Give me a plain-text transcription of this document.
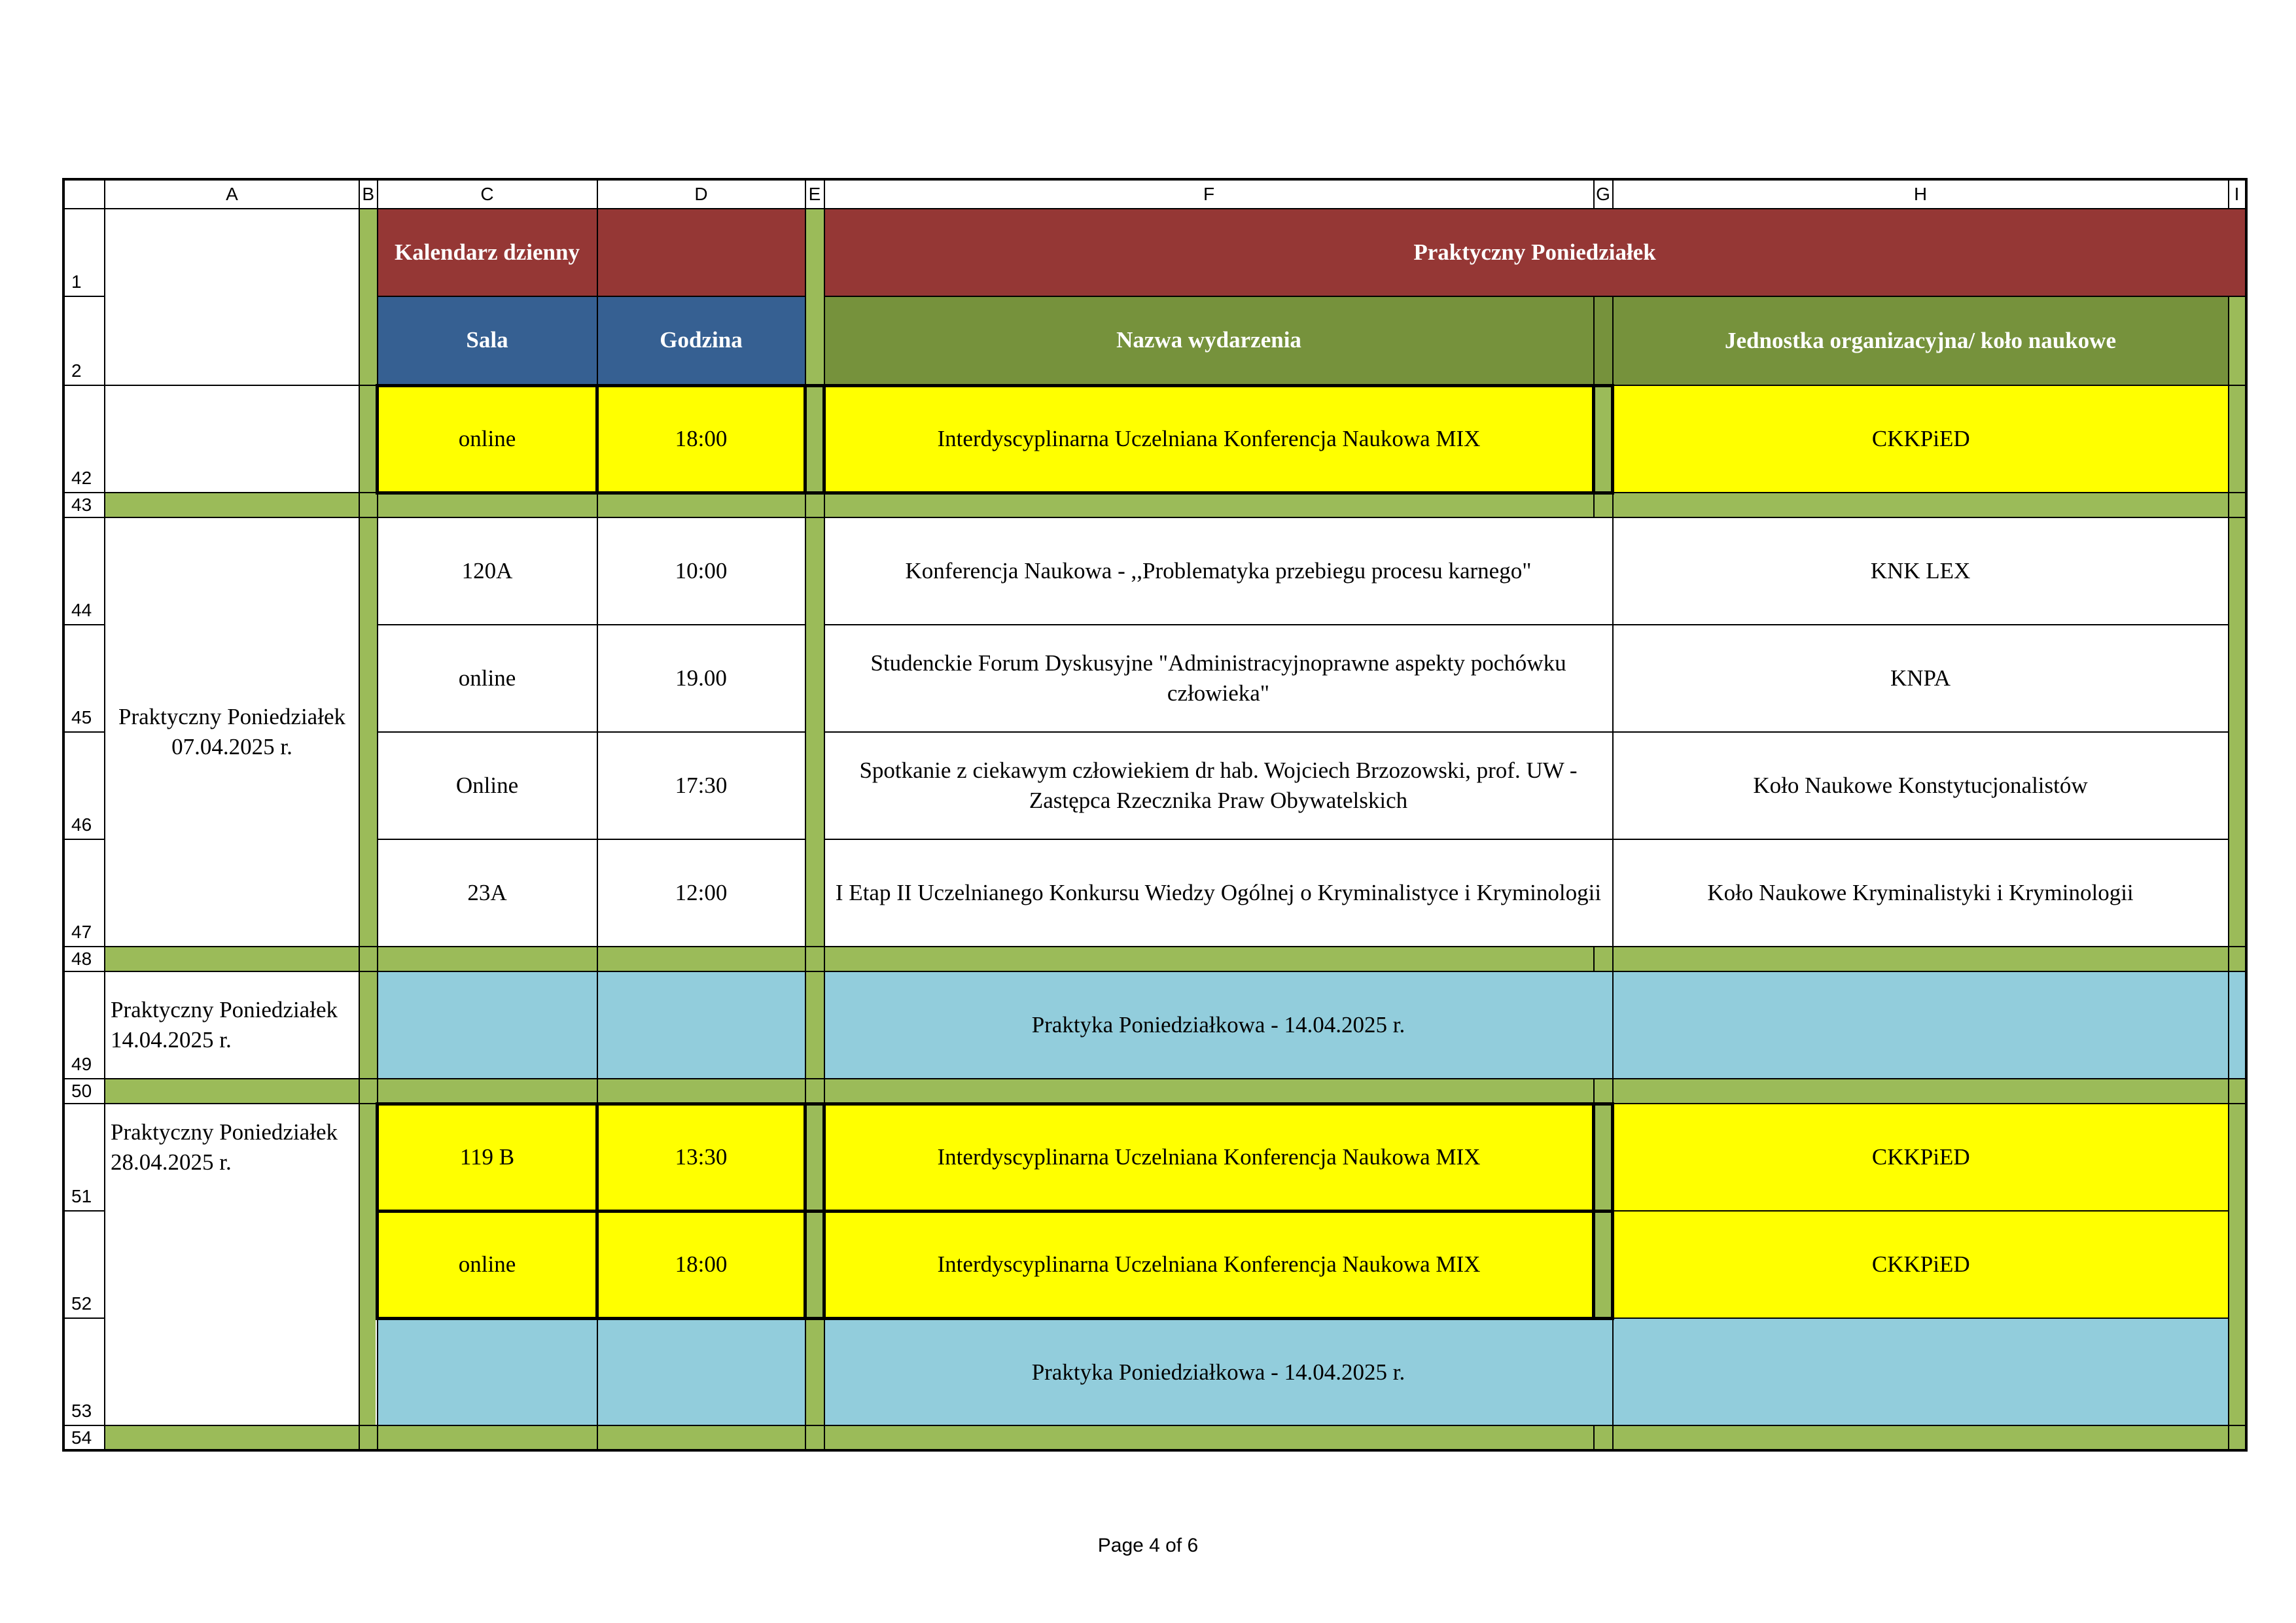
	A	B	C	D	E	F	G	H	I
1			Kalendarz dzienny			Praktyczny Poniedziałek			
2			Sala	Godzina		Nazwa wydarzenia		Jednostka organizacyjna/ koło naukowe	
42			online	18:00		Interdyscyplinarna Uczelniana Konferencja Naukowa MIX		CKKPiED	
43									
44	Praktyczny Poniedziałek 07.04.2025 r.		120A	10:00		Konferencja Naukowa - ,,Problematyka przebiegu procesu karnego"		KNK LEX	
45			online	19.00		Studenckie Forum Dyskusyjne "Administracyjnoprawne aspekty pochówku człowieka"		KNPA	
46			Online	17:30		Spotkanie z ciekawym człowiekiem dr hab. Wojciech Brzozowski, prof. UW - Zastępca Rzecznika Praw Obywatelskich		Koło Naukowe Konstytucjonalistów	
47			23A	12:00		I Etap II Uczelnianego Konkursu Wiedzy Ogólnej o Kryminalistyce i Kryminologii		Koło Naukowe Kryminalistyki i Kryminologii	
48									
49	Praktyczny Poniedziałek 14.04.2025 r.					Praktyka Poniedziałkowa - 14.04.2025 r.			
50									
51	Praktyczny Poniedziałek 28.04.2025 r.		119 B	13:30		Interdyscyplinarna Uczelniana Konferencja Naukowa MIX		CKKPiED	
52			online	18:00		Interdyscyplinarna Uczelniana Konferencja Naukowa MIX		CKKPiED	
53						Praktyka Poniedziałkowa - 14.04.2025 r.			
54									
Page 4 of 6
